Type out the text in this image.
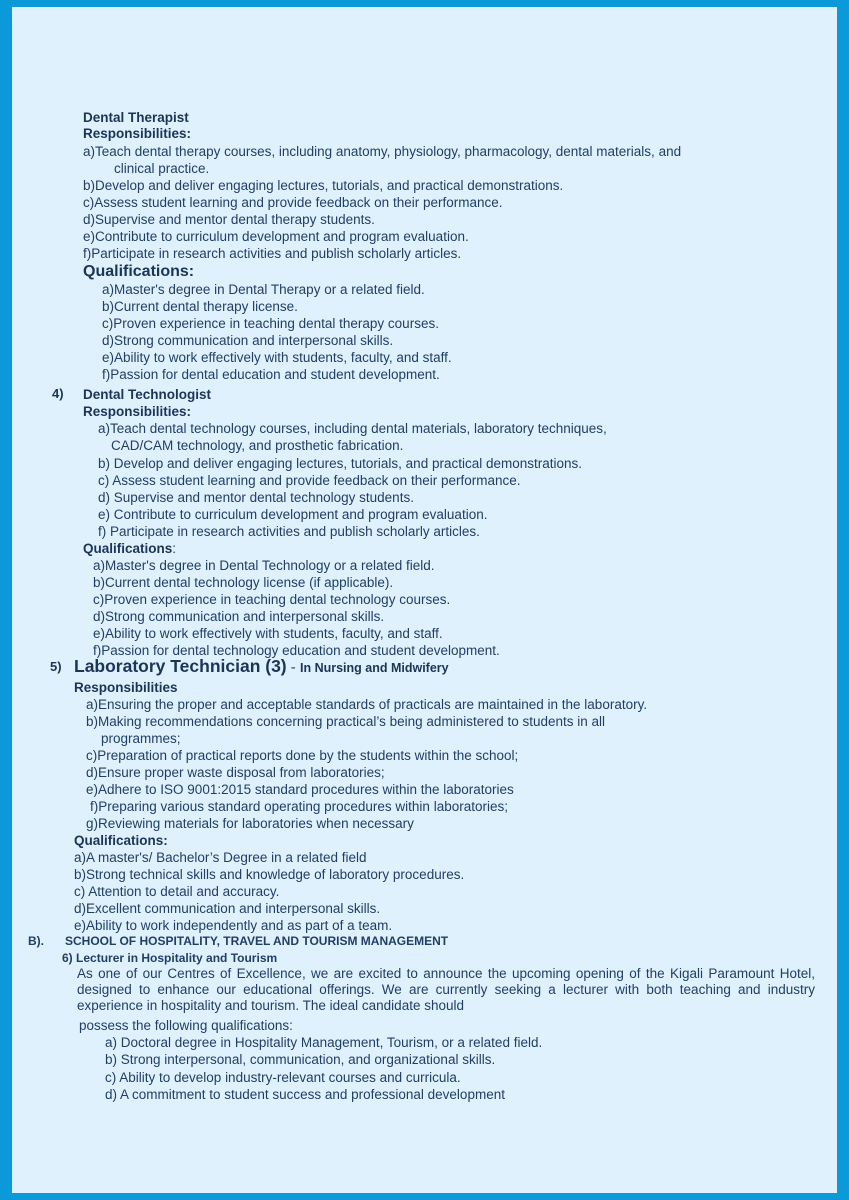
Dental Therapist
Responsibilities:
a)Teach dental therapy courses, including anatomy, physiology, pharmacology, dental materials, and
clinical practice.
b)Develop and deliver engaging lectures, tutorials, and practical demonstrations.
c)Assess student learning and provide feedback on their performance.
d)Supervise and mentor dental therapy students.
e)Contribute to curriculum development and program evaluation.
f)Participate in research activities and publish scholarly articles.
Qualifications:
a)Master's degree in Dental Therapy or a related field.
b)Current dental therapy license.
c)Proven experience in teaching dental therapy courses.
d)Strong communication and interpersonal skills.
e)Ability to work effectively with students, faculty, and staff.
f)Passion for dental education and student development.
4) Dental Technologist
Responsibilities:
a)Teach dental technology courses, including dental materials, laboratory techniques,
CAD/CAM technology, and prosthetic fabrication.
b) Develop and deliver engaging lectures, tutorials, and practical demonstrations.
c) Assess student learning and provide feedback on their performance.
d) Supervise and mentor dental technology students.
e) Contribute to curriculum development and program evaluation.
f) Participate in research activities and publish scholarly articles.
Qualifications:
a)Master's degree in Dental Technology or a related field.
b)Current dental technology license (if applicable).
c)Proven experience in teaching dental technology courses.
d)Strong communication and interpersonal skills.
e)Ability to work effectively with students, faculty, and staff.
f)Passion for dental technology education and student development.
5) Laboratory Technician (3) - In Nursing and Midwifery
Responsibilities
a)Ensuring the proper and acceptable standards of practicals are maintained in the laboratory.
b)Making recommendations concerning practical’s being administered to students in all
programmes;
c)Preparation of practical reports done by the students within the school;
d)Ensure proper waste disposal from laboratories;
e)Adhere to ISO 9001:2015 standard procedures within the laboratories
f)Preparing various standard operating procedures within laboratories;
g)Reviewing materials for laboratories when necessary
Qualifications:
a)A master's/ Bachelor’s Degree in a related field
b)Strong technical skills and knowledge of laboratory procedures.
c) Attention to detail and accuracy.
d)Excellent communication and interpersonal skills.
e)Ability to work independently and as part of a team.
B). SCHOOL OF HOSPITALITY, TRAVEL AND TOURISM MANAGEMENT
6) Lecturer in Hospitality and Tourism
As one of our Centres of Excellence, we are excited to announce the upcoming opening of the Kigali Paramount Hotel, designed to enhance our educational offerings. We are currently seeking a lecturer with both teaching and industry experience in hospitality and tourism. The ideal candidate should
possess the following qualifications:
a) Doctoral degree in Hospitality Management, Tourism, or a related field.
b) Strong interpersonal, communication, and organizational skills.
c) Ability to develop industry-relevant courses and curricula.
d) A commitment to student success and professional development
